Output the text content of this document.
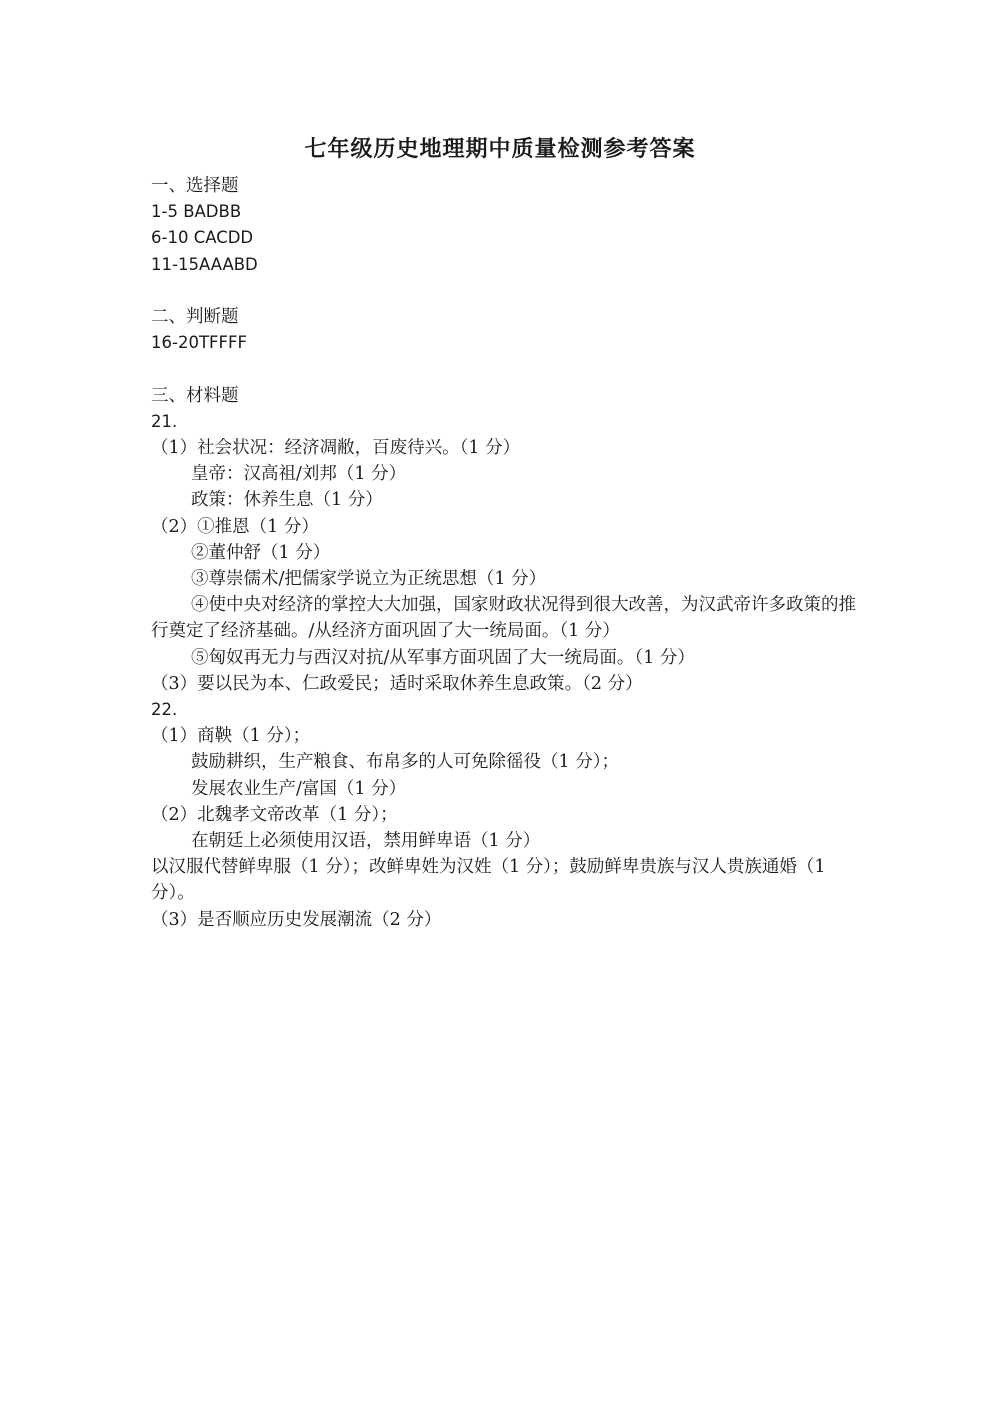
七年级历史地理期中质量检测参考答案
一、选择题
1-5 BADBB
6-10 CACDD
11-15AAABD
二、判断题
16-20TFFFF
三、材料题
21.
（1）社会状况：经济凋敝，百废待兴。（1 分）
皇帝：汉高祖/刘邦（1 分）
政策：休养生息（1 分）
（2）①推恩（1 分）
②董仲舒（1 分）
③尊崇儒术/把儒家学说立为正统思想（1 分）
④使中央对经济的掌控大大加强，国家财政状况得到很大改善，为汉武帝许多政策的推行奠定了经济基础。/从经济方面巩固了大一统局面。（1 分）
⑤匈奴再无力与西汉对抗/从军事方面巩固了大一统局面。（1 分）
（3）要以民为本、仁政爱民；适时采取休养生息政策。（2 分）
22.
（1）商鞅（1 分）；
鼓励耕织，生产粮食、布帛多的人可免除徭役（1 分）；
发展农业生产/富国（1 分）
（2）北魏孝文帝改革（1 分）；
在朝廷上必须使用汉语，禁用鲜卑语（1 分）
以汉服代替鲜卑服（1 分）；改鲜卑姓为汉姓（1 分）；鼓励鲜卑贵族与汉人贵族通婚（1 分）。
（3）是否顺应历史发展潮流（2 分）
